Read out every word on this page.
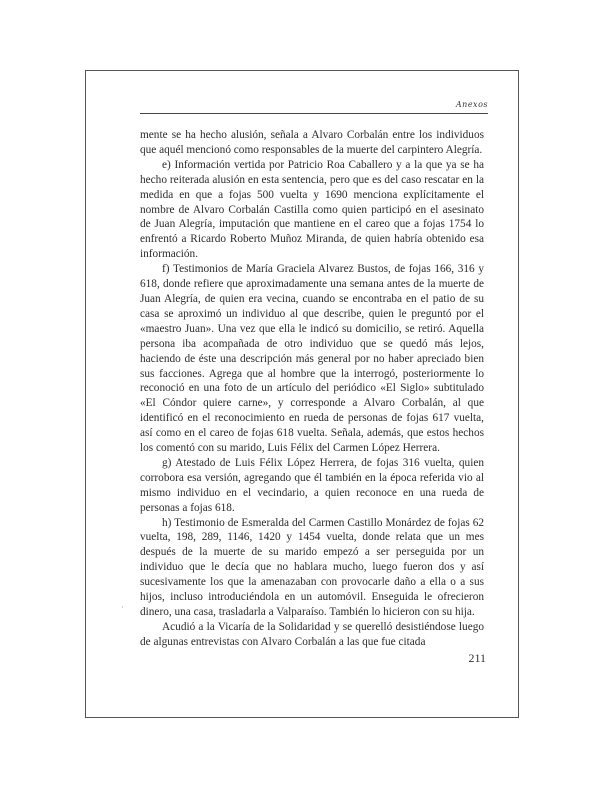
Anexos

mente se ha hecho alusión, señala a Alvaro Corbalán entre los individuos que aquél mencionó como responsables de la muerte del carpintero Alegría.

e) Información vertida por Patricio Roa Caballero y a la que ya se ha hecho reiterada alusión en esta sentencia, pero que es del caso rescatar en la medida en que a fojas 500 vuelta y 1690 menciona explícitamente el nombre de Alvaro Corbalán Castilla como quien participó en el asesinato de Juan Alegría, imputación que mantiene en el careo que a fojas 1754 lo enfrentó a Ricardo Roberto Muñoz Miranda, de quien habría obtenido esa información.

f) Testimonios de María Graciela Alvarez Bustos, de fojas 166, 316 y 618, donde refiere que aproximadamente una semana antes de la muerte de Juan Alegría, de quien era vecina, cuando se encontraba en el patio de su casa se aproximó un individuo al que describe, quien le preguntó por el «maestro Juan». Una vez que ella le indicó su domicilio, se retiró. Aquella persona iba acompañada de otro individuo que se quedó más lejos, haciendo de éste una descripción más general por no haber apreciado bien sus facciones. Agrega que al hombre que la interrogó, posteriormente lo reconoció en una foto de un artículo del periódico «El Siglo» subtitulado «El Cóndor quiere carne», y corresponde a Alvaro Corbalán, al que identificó en el reconocimiento en rueda de personas de fojas 617 vuelta, así como en el careo de fojas 618 vuelta. Señala, además, que estos hechos los comentó con su marido, Luis Félix del Carmen López Herrera.

g) Atestado de Luis Félix López Herrera, de fojas 316 vuelta, quien corrobora esa versión, agregando que él también en la época referida vio al mismo individuo en el vecindario, a quien reconoce en una rueda de personas a fojas 618.

h) Testimonio de Esmeralda del Carmen Castillo Monárdez de fojas 62 vuelta, 198, 289, 1146, 1420 y 1454 vuelta, donde relata que un mes después de la muerte de su marido empezó a ser perseguida por un individuo que le decía que no hablara mucho, luego fueron dos y así sucesivamente los que la amenazaban con provocarle daño a ella o a sus hijos, incluso introduciéndola en un automóvil. Enseguida le ofrecieron dinero, una casa, trasladarla a Valparaíso. También lo hicieron con su hija.

Acudió a la Vicaría de la Solidaridad y se querelló desistiéndose luego de algunas entrevistas con Alvaro Corbalán a las que fue citada

·
211
